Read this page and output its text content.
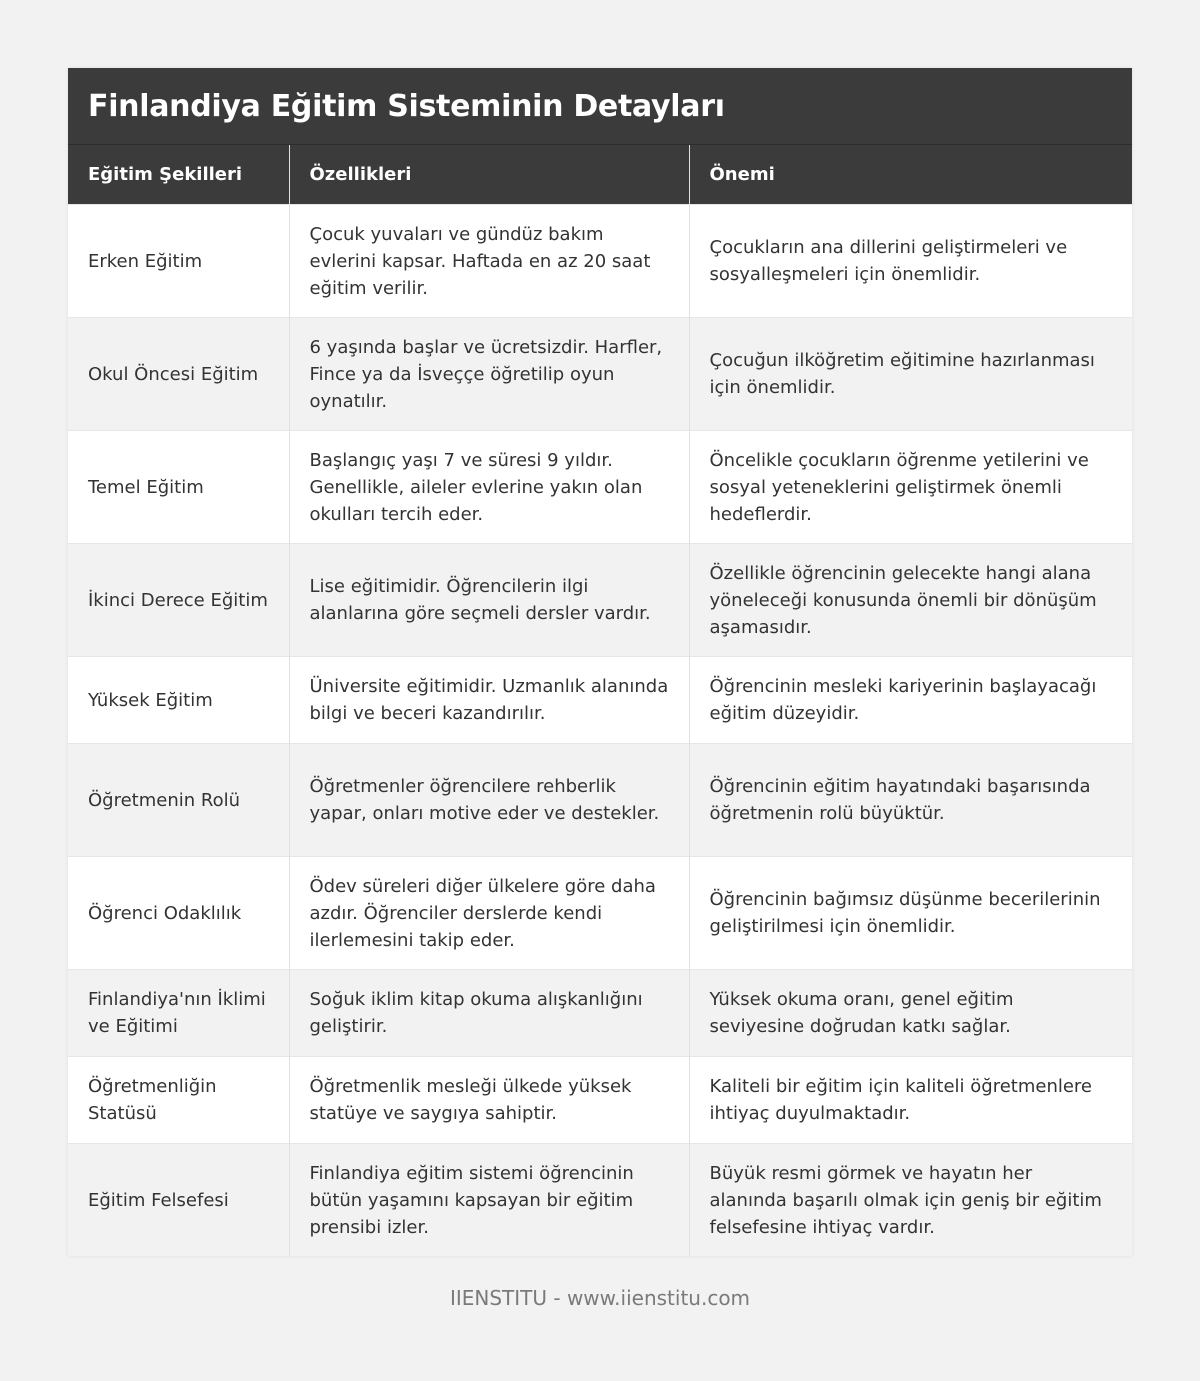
Finlandiya Eğitim Sisteminin Detayları
Eğitim Şekilleri	Özellikleri	Önemi
Erken Eğitim	Çocuk yuvaları ve gündüz bakım evlerini kapsar. Haftada en az 20 saat eğitim verilir.	Çocukların ana dillerini geliştirmeleri ve sosyalleşmeleri için önemlidir.
Okul Öncesi Eğitim	6 yaşında başlar ve ücretsizdir. Harfler, Fince ya da İsveççe öğretilip oyun oynatılır.	Çocuğun ilköğretim eğitimine hazırlanması için önemlidir.
Temel Eğitim	Başlangıç yaşı 7 ve süresi 9 yıldır. Genellikle, aileler evlerine yakın olan okulları tercih eder.	Öncelikle çocukların öğrenme yetilerini ve sosyal yeteneklerini geliştirmek önemli hedeflerdir.
İkinci Derece Eğitim	Lise eğitimidir. Öğrencilerin ilgi alanlarına göre seçmeli dersler vardır.	Özellikle öğrencinin gelecekte hangi alana yöneleceği konusunda önemli bir dönüşüm aşamasıdır.
Yüksek Eğitim	Üniversite eğitimidir. Uzmanlık alanında bilgi ve beceri kazandırılır.	Öğrencinin mesleki kariyerinin başlayacağı eğitim düzeyidir.
Öğretmenin Rolü	Öğretmenler öğrencilere rehberlik yapar, onları motive eder ve destekler.	Öğrencinin eğitim hayatındaki başarısında öğretmenin rolü büyüktür.
Öğrenci Odaklılık	Ödev süreleri diğer ülkelere göre daha azdır. Öğrenciler derslerde kendi ilerlemesini takip eder.	Öğrencinin bağımsız düşünme becerilerinin geliştirilmesi için önemlidir.
Finlandiya'nın İklimi ve Eğitimi	Soğuk iklim kitap okuma alışkanlığını geliştirir.	Yüksek okuma oranı, genel eğitim seviyesine doğrudan katkı sağlar.
Öğretmenliğin Statüsü	Öğretmenlik mesleği ülkede yüksek statüye ve saygıya sahiptir.	Kaliteli bir eğitim için kaliteli öğretmenlere ihtiyaç duyulmaktadır.
Eğitim Felsefesi	Finlandiya eğitim sistemi öğrencinin bütün yaşamını kapsayan bir eğitim prensibi izler.	Büyük resmi görmek ve hayatın her alanında başarılı olmak için geniş bir eğitim felsefesine ihtiyaç vardır.
IIENSTITU - www.iienstitu.com
